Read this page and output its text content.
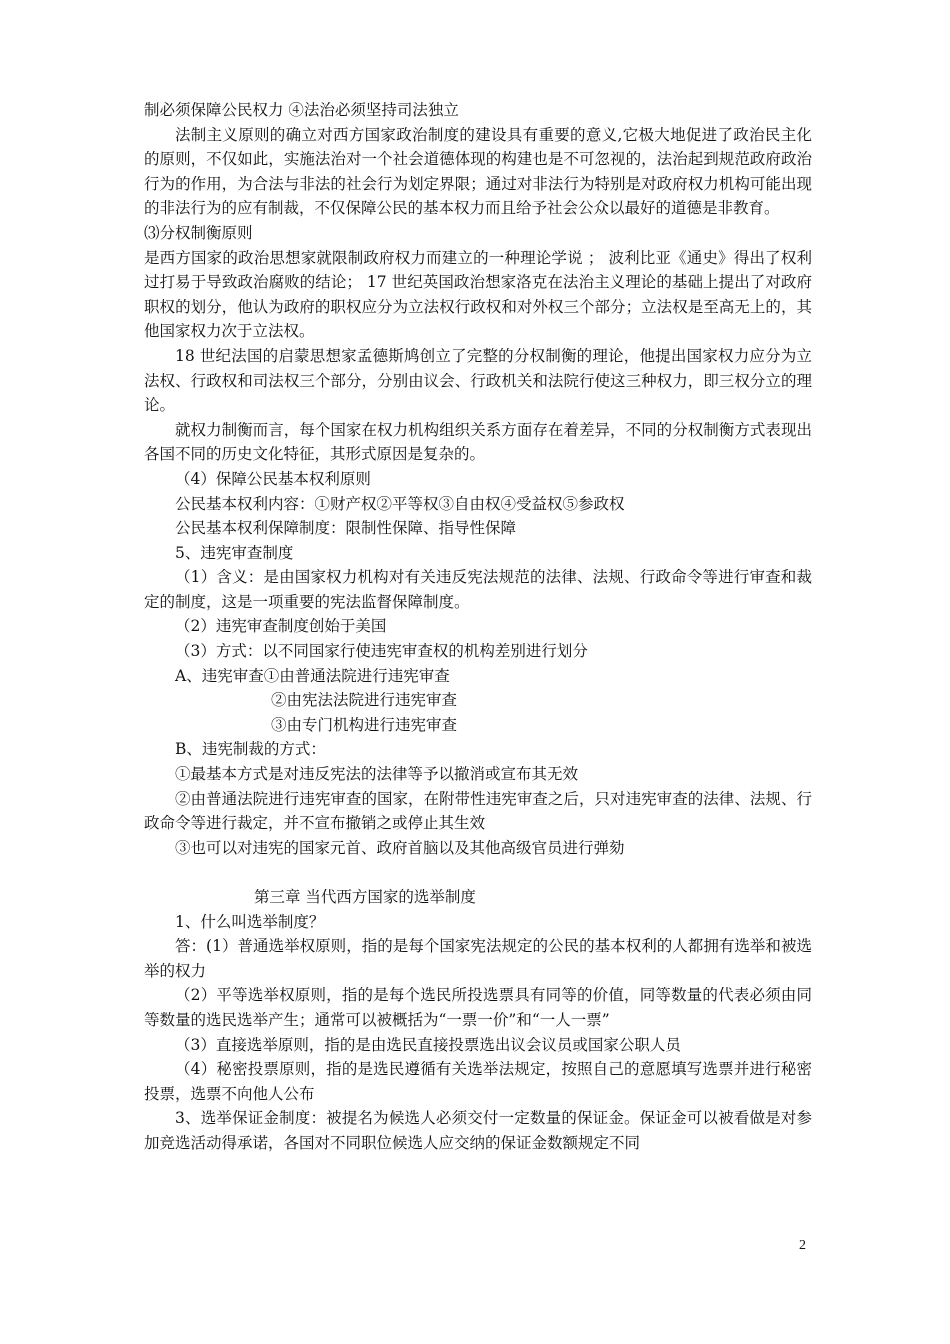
制必须保障公民权力 ④法治必须坚持司法独立

法制主义原则的确立对西方国家政治制度的建设具有重要的意义,它极大地促进了政治民主化的原则，不仅如此，实施法治对一个社会道德体现的构建也是不可忽视的，法治起到规范政府政治行为的作用，为合法与非法的社会行为划定界限；通过对非法行为特别是对政府权力机构可能出现的非法行为的应有制裁，不仅保障公民的基本权力而且给予社会公众以最好的道德是非教育。

⑶分权制衡原则

是西方国家的政治思想家就限制政府权力而建立的一种理论学说 ； 波利比亚《通史》得出了权利过打易于导致政治腐败的结论； 17 世纪英国政治想家洛克在法治主义理论的基础上提出了对政府职权的划分，他认为政府的职权应分为立法权行政权和对外权三个部分；立法权是至高无上的，其他国家权力次于立法权。

18 世纪法国的启蒙思想家孟德斯鸠创立了完整的分权制衡的理论，他提出国家权力应分为立法权、行政权和司法权三个部分，分别由议会、行政机关和法院行使这三种权力，即三权分立的理论。

就权力制衡而言，每个国家在权力机构组织关系方面存在着差异，不同的分权制衡方式表现出各国不同的历史文化特征，其形式原因是复杂的。

（4）保障公民基本权利原则

公民基本权利内容：①财产权②平等权③自由权④受益权⑤参政权

公民基本权利保障制度：限制性保障、指导性保障

5、违宪审查制度

（1）含义：是由国家权力机构对有关违反宪法规范的法律、法规、行政命令等进行审查和裁定的制度，这是一项重要的宪法监督保障制度。

（2）违宪审查制度创始于美国

（3）方式：以不同国家行使违宪审查权的机构差别进行划分

A、违宪审查①由普通法院进行违宪审查

②由宪法法院进行违宪审查

③由专门机构进行违宪审查

B、违宪制裁的方式：

①最基本方式是对违反宪法的法律等予以撤消或宣布其无效

②由普通法院进行违宪审查的国家，在附带性违宪审查之后，只对违宪审查的法律、法规、行政命令等进行裁定，并不宣布撤销之或停止其生效

③也可以对违宪的国家元首、政府首脑以及其他高级官员进行弹劾

第三章 当代西方国家的选举制度

1、什么叫选举制度？

答：(1）普通选举权原则，指的是每个国家宪法规定的公民的基本权利的人都拥有选举和被选举的权力

（2）平等选举权原则，指的是每个选民所投选票具有同等的价值，同等数量的代表必须由同等数量的选民选举产生；通常可以被概括为“一票一价”和“一人一票”

（3）直接选举原则，指的是由选民直接投票选出议会议员或国家公职人员

（4）秘密投票原则，指的是选民遵循有关选举法规定，按照自己的意愿填写选票并进行秘密投票，选票不向他人公布

3、选举保证金制度：被提名为候选人必须交付一定数量的保证金。保证金可以被看做是对参加竞选活动得承诺，各国对不同职位候选人应交纳的保证金数额规定不同

2
